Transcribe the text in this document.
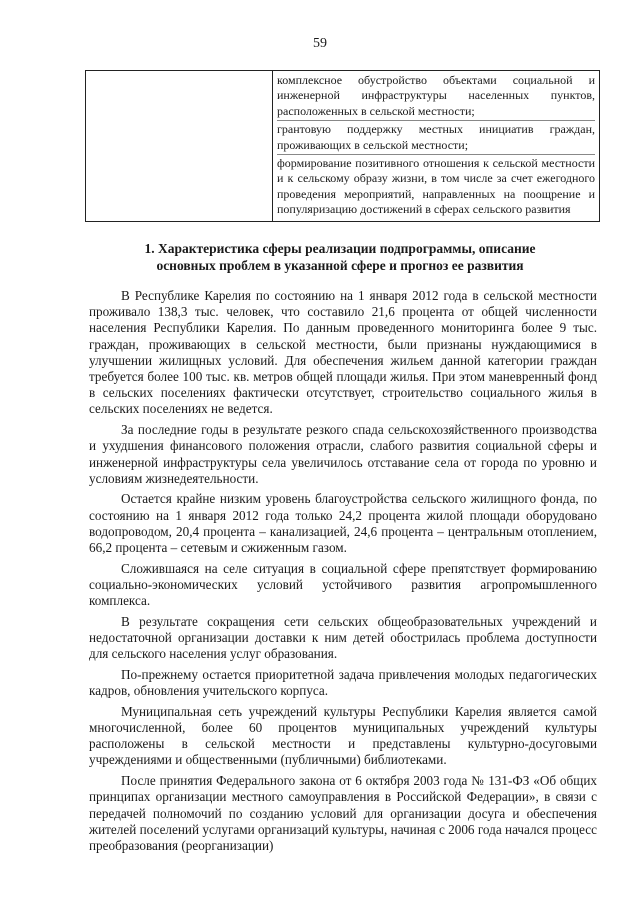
59

комплексное обустройство объектами социальной и инженерной инфраструктуры населенных пунктов, расположенных в сельской местности;
грантовую поддержку местных инициатив граждан, проживающих в сельской местности;
формирование позитивного отношения к сельской местности и к сельскому образу жизни, в том числе за счет ежегодного проведения мероприятий, направленных на поощрение и популяризацию достижений в сферах сельского развития
1. Характеристика сферы реализации подпрограммы, описание основных проблем в указанной сфере и прогноз ее развития

В Республике Карелия по состоянию на 1 января 2012 года в сельской местности проживало 138,3 тыс. человек, что составило 21,6 процента от общей численности населения Республики Карелия. По данным проведенного мониторинга более 9 тыс. граждан, проживающих в сельской местности, были признаны нуждающимися в улучшении жилищных условий. Для обеспечения жильем данной категории граждан требуется более 100 тыс. кв. метров общей площади жилья. При этом маневренный фонд в сельских поселениях фактически отсутствует, строительство социального жилья в сельских поселениях не ведется.

За последние годы в результате резкого спада сельскохозяйственного производства и ухудшения финансового положения отрасли, слабого развития социальной сферы и инженерной инфраструктуры села увеличилось отставание села от города по уровню и условиям жизнедеятельности.

Остается крайне низким уровень благоустройства сельского жилищного фонда, по состоянию на 1 января 2012 года только 24,2 процента жилой площади оборудовано водопроводом, 20,4 процента – канализацией, 24,6 процента – центральным отоплением, 66,2 процента – сетевым и сжиженным газом.

Сложившаяся на селе ситуация в социальной сфере препятствует формированию социально-экономических условий устойчивого развития агропромышленного комплекса.

В результате сокращения сети сельских общеобразовательных учреждений и недостаточной организации доставки к ним детей обострилась проблема доступности для сельского населения услуг образования.

По-прежнему остается приоритетной задача привлечения молодых педагогических кадров, обновления учительского корпуса.

Муниципальная сеть учреждений культуры Республики Карелия является самой многочисленной, более 60 процентов муниципальных учреждений культуры расположены в сельской местности и представлены культурно-досуговыми учреждениями и общественными (публичными) библиотеками.

После принятия Федерального закона от 6 октября 2003 года № 131-ФЗ «Об общих принципах организации местного самоуправления в Российской Федерации», в связи с передачей полномочий по созданию условий для организации досуга и обеспечения жителей поселений услугами организаций культуры, начиная с 2006 года начался процесс преобразования (реорганизации)
